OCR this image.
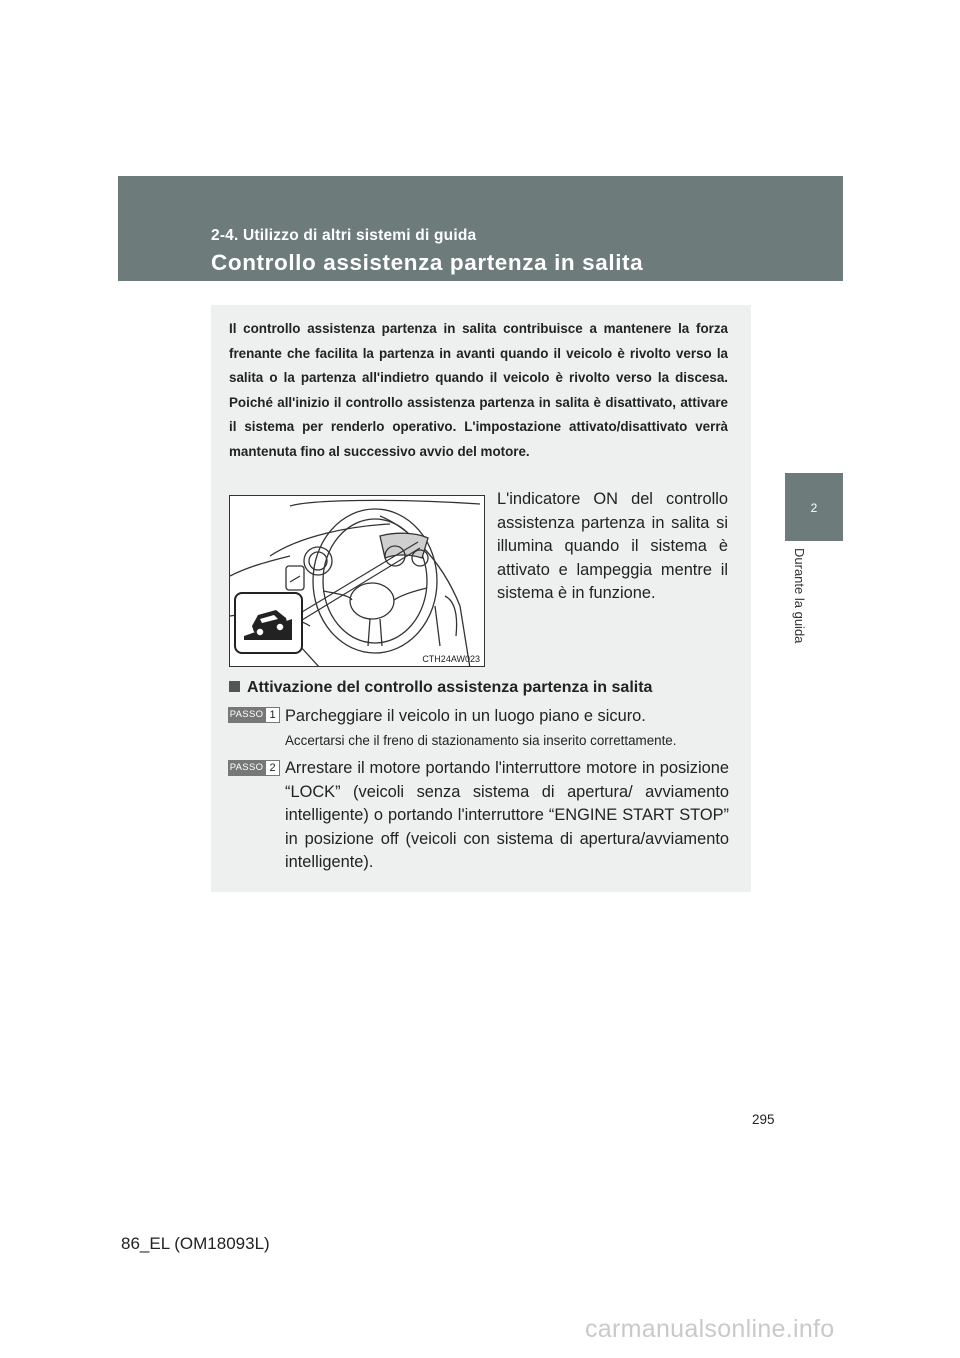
2-4. Utilizzo di altri sistemi di guida
Controllo assistenza partenza in salita
2
Durante la guida
Il controllo assistenza partenza in salita contribuisce a mantenere la forza frenante che facilita la partenza in avanti quando il veicolo è rivolto verso la salita o la partenza all'indietro quando il veicolo è rivolto verso la discesa. Poiché all'inizio il controllo assistenza partenza in salita è disattivato, attivare il sistema per renderlo operativo. L'impostazione attivato/disattivato verrà mantenuta fino al successivo avvio del motore.
CTH24AW023
L'indicatore ON del controllo assistenza partenza in salita si illumina quando il sistema è attivato e lampeggia mentre il sistema è in funzione.
Attivazione del controllo assistenza partenza in salita
PASSO 1 Parcheggiare il veicolo in un luogo piano e sicuro.
Accertarsi che il freno di stazionamento sia inserito correttamente.
PASSO 2 Arrestare il motore portando l'interruttore motore in posizione “LOCK” (veicoli senza sistema di apertura/ avviamento intelligente) o portando l'interruttore “ENGINE START STOP” in posizione off (veicoli con sistema di apertura/avviamento intelligente).
295
86_EL (OM18093L)
carmanualsonline.info
